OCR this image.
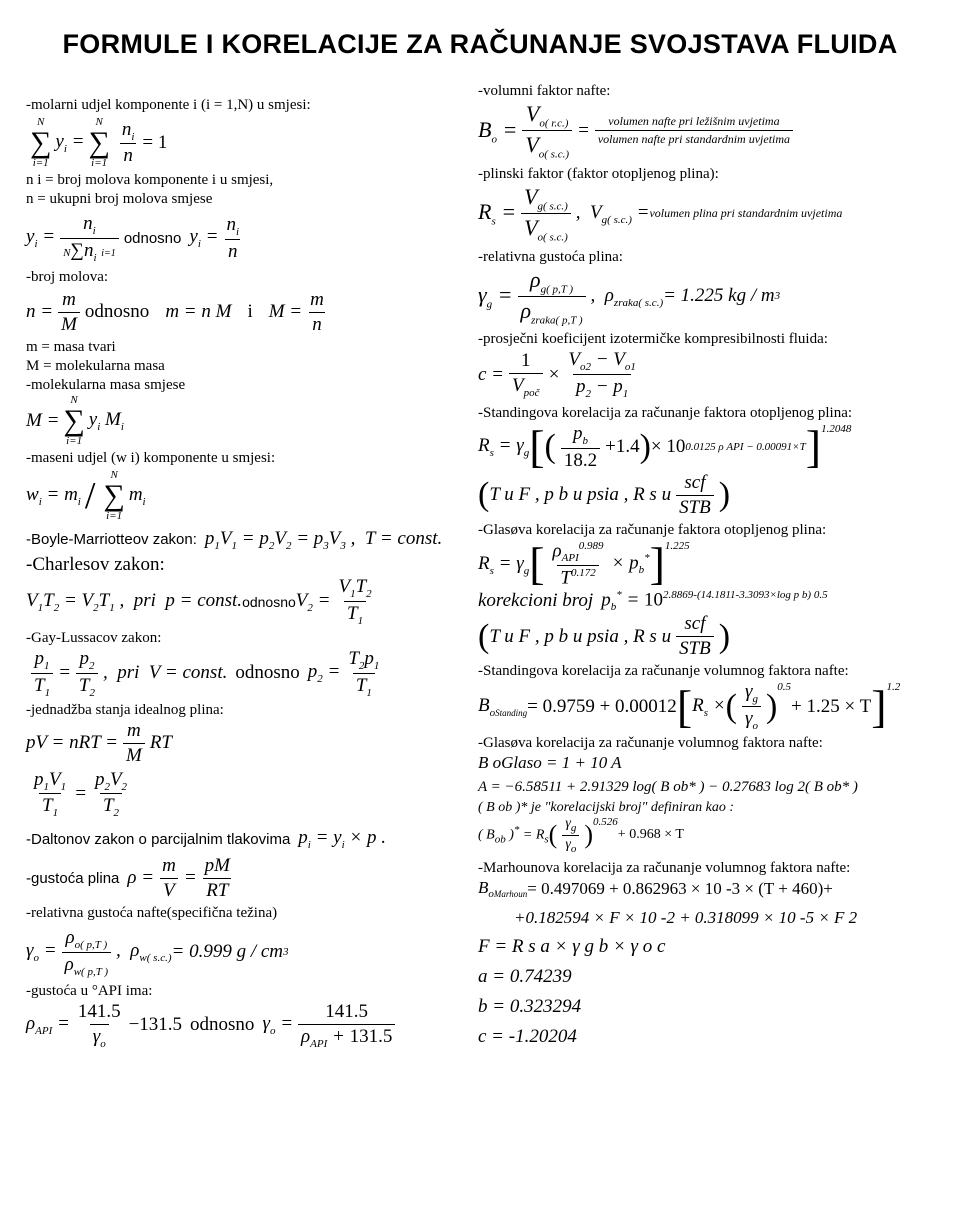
FORMULE I KORELACIJE ZA RAČUNANJE SVOJSTAVA FLUIDA
-molarni udjel komponente i (i = 1,N) u smjesi:
N
∑
i=1
$y_i$ =
N
∑
$i=1 \frac{n_i}{n} = 1$
n i = broj molova komponente i u smjesi,
n = ukupni broj molova smjese
$y_i = \frac{n_i}{N\sum n_i i=1}$ odnosno $y_i = \frac{n_i}{n}$
-broj molova:
$n = \frac{m}{M}$ odnosno m = n M i $M = \frac{m}{n}$
m = masa tvari
M = molekularna masa
-molekularna masa smjese
M =
N
∑
i=1
$y_i$ $M_i$
-maseni udjel (w i) komponente u smjesi:
$w_i = m_i / N$
∑
i=1
$m_i$
-Boyle-Marriotteov zakon: $p_1V_1 = p_2V_2 = p_3V_3$ ,  T = const.
-Charlesov zakon:
$V_1T_2 = V_2T_1$ ,  pri  p = const. odnosno $V_2 = \frac{V_1T_2}{T_1}$
-Gay-Lussacov zakon:
$\frac{p_1}{T_1} = \frac{p_2}{T_2}$ ,  pri  V = const. odnosno $p_2 = \frac{T_2p_1}{T_1}$
-jednadžba stanja idealnog plina:
pV = nRT = $\frac{m}{M}$ RT
$\frac{p_1V_1}{T_1} = \frac{p_2V_2}{T_2}$
-Daltonov zakon o parcijalnim tlakovima $p_i = y_i \times p$ .
-gustoća plina $\rho = \frac{m}{V} = \frac{pM}{RT}$
-relativna gustoća nafte(specifična težina)
$\gamma_o = \frac{\rho_{o( p,T )}}{\rho_{w( p,T )}}$ ,  $\rho_{w( s.c.)} = 0.999$ g / cm 3
-gustoća u °API ima:
$\rho_{API} = \frac{141.5}{\gamma_o} - 131.5$ odnosno $\gamma_o = \frac{141.5}{\rho_{API} + 131.5}$
-volumni faktor nafte:
$B_o = \frac{V_{o( r.c.)}}{V_{o( s.c.)}} = \frac{\text{volumen nafte pri ležišnim uvjetima}}{\text{volumen nafte pri standardnim uvjetima}}$
-plinski faktor (faktor otopljenog plina):
$R_s = \frac{V_{g( s.c.)}}{V_{o( s.c.)}}$ ,  $V_{g( s.c.)}$ = volumen plina pri standardnim uvjetima
-relativna gustoća plina:
$\gamma_g = \frac{\rho_{g( p,T )}}{\rho_{zraka( p,T )}}$ ,  $\rho_{zraka( s.c.)} = 1.225$ kg / m 3
-prosječni koeficijent izotermičke kompresibilnosti fluida:
$c = \frac{1}{V_{poč}} \times \frac{V_{o2} - V_{o1}}{p_2 - p_1}$
-Standingova korelacija za računanje faktora otopljenog plina:
$R_s = \gamma_g$ [ ( $\frac{p_b}{18.2} + 1.4$ ) × 10 0.0125 ρ API − 0.00091×T ]$^{1.2048}$
( T u F , p b u psia , R s u $\frac{\text{scf}}{\text{STB}}$ )
-Glasøva korelacija za računanje faktora otopljenog plina:
$R_s = \gamma_g$ [ $\frac{\rho_{API}^{0.989}}{T^{0.172}} \times p_b^*$ ]$^{1.225}$
korekcioni broj $p_b^* = 10^{2.8869-(14.1811-3.3093\times log p b) 0.5}$
( T u F , p b u psia , R s u $\frac{\text{scf}}{\text{STB}}$ )
-Standingova korelacija za računanje volumnog faktora nafte:
$B_{oStanding} = 0.9759 + 0.00012$ [ $R_s$ × ( $\frac{\gamma_g}{\gamma_o}$ )
$^{0.5}$
+ 1.25 × T ]$^{1.2}$
-Glasøva korelacija za računanje volumnog faktora nafte:
B oGlaso = 1 + 10 A
A = −6.58511 + 2.91329 log( B ob* ) − 0.27683 log 2( B ob* )
( B ob )* je "korelacijski broj" definiran kao :
( $B_{ob}$ )$^* = R_s$ ( $\frac{\gamma_g}{\gamma_o} )^{0.526}$
+ 0.968 × T
-Marhounova korelacija za računanje volumnog faktora nafte:
$B_{oMarhoun} = 0.497069 + 0.862963 \times 10$ -3 × (T + 460)+
+0.182594 × F × 10 -2 + 0.318099 × 10 -5 × F 2
F = R s a × γ g b × γ o c
a = 0.74239
b = 0.323294
c = -1.20204
